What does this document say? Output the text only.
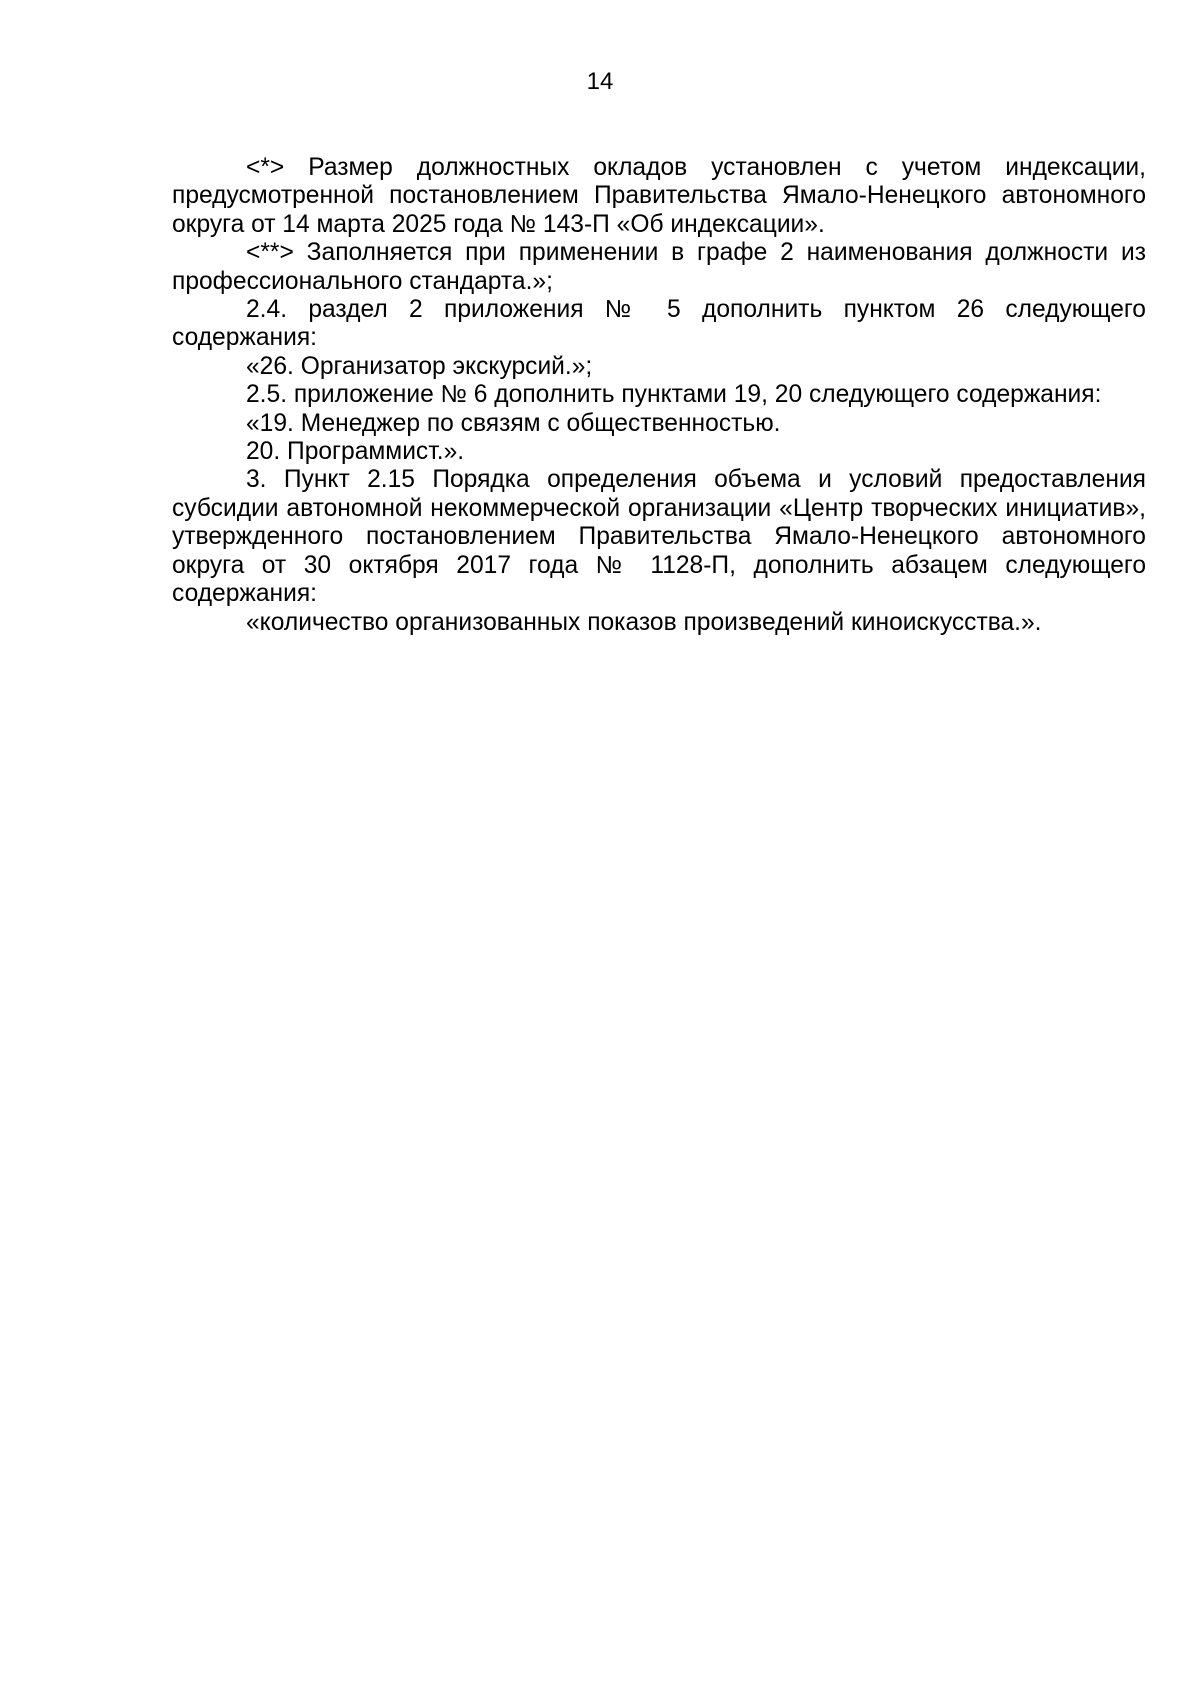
14

<*> Размер должностных окладов установлен с учетом индексации, предусмотренной постановлением Правительства Ямало-Ненецкого автономного округа от 14 марта 2025 года № 143-П «Об индексации».

<**> Заполняется при применении в графе 2 наименования должности из профессионального стандарта.»;

2.4. раздел 2 приложения № 5 дополнить пунктом 26 следующего содержания:

«26. Организатор экскурсий.»;

2.5. приложение № 6 дополнить пунктами 19, 20 следующего содержания:

«19. Менеджер по связям с общественностью.

20. Программист.».

3. Пункт 2.15 Порядка определения объема и условий предоставления субсидии автономной некоммерческой организации «Центр творческих инициатив», утвержденного постановлением Правительства Ямало-Ненецкого автономного округа от 30 октября 2017 года № 1128-П, дополнить абзацем следующего содержания:

«количество организованных показов произведений киноискусства.».
